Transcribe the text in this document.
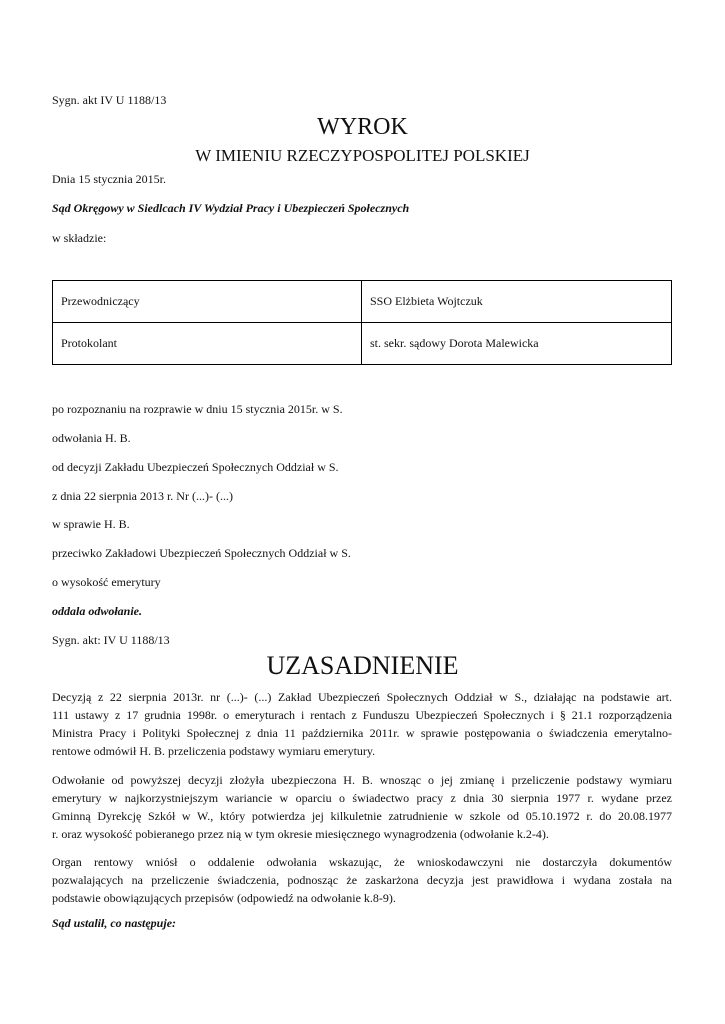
Sygn. akt IV U 1188/13
WYROK
W IMIENIU RZECZYPOSPOLITEJ POLSKIEJ
Dnia 15 stycznia 2015r.
Sąd Okręgowy w Siedlcach IV Wydział Pracy i Ubezpieczeń Społecznych
w składzie:
Przewodniczący	SSO Elżbieta Wojtczuk
Protokolant	st. sekr. sądowy Dorota Malewicka
po rozpoznaniu na rozprawie w dniu 15 stycznia 2015r. w S.
odwołania H. B.
od decyzji Zakładu Ubezpieczeń Społecznych Oddział w S.
z dnia 22 sierpnia 2013 r. Nr (...)- (...)
w sprawie H. B.
przeciwko Zakładowi Ubezpieczeń Społecznych Oddział w S.
o wysokość emerytury
oddala odwołanie.
Sygn. akt: IV U 1188/13
UZASADNIENIE
Decyzją z 22 sierpnia 2013r. nr (...)- (...) Zakład Ubezpieczeń Społecznych Oddział w S., działając na podstawie art.
111 ustawy z 17 grudnia 1998r. o emeryturach i rentach z Funduszu Ubezpieczeń Społecznych i § 21.1 rozporządzenia
Ministra Pracy i Polityki Społecznej z dnia 11 października 2011r. w sprawie postępowania o świadczenia emerytalno-
rentowe odmówił H. B. przeliczenia podstawy wymiaru emerytury.
Odwołanie od powyższej decyzji złożyła ubezpieczona H. B. wnosząc o jej zmianę i przeliczenie podstawy wymiaru
emerytury w najkorzystniejszym wariancie w oparciu o świadectwo pracy z dnia 30 sierpnia 1977 r. wydane przez
Gminną Dyrekcję Szkół w W., który potwierdza jej kilkuletnie zatrudnienie w szkole od 05.10.1972 r. do 20.08.1977
r. oraz wysokość pobieranego przez nią w tym okresie miesięcznego wynagrodzenia (odwołanie k.2-4).
Organ rentowy wniósł o oddalenie odwołania wskazując, że wnioskodawczyni nie dostarczyła dokumentów
pozwalających na przeliczenie świadczenia, podnosząc że zaskarżona decyzja jest prawidłowa i wydana została na
podstawie obowiązujących przepisów (odpowiedź na odwołanie k.8-9).
Sąd ustalił, co następuje:
